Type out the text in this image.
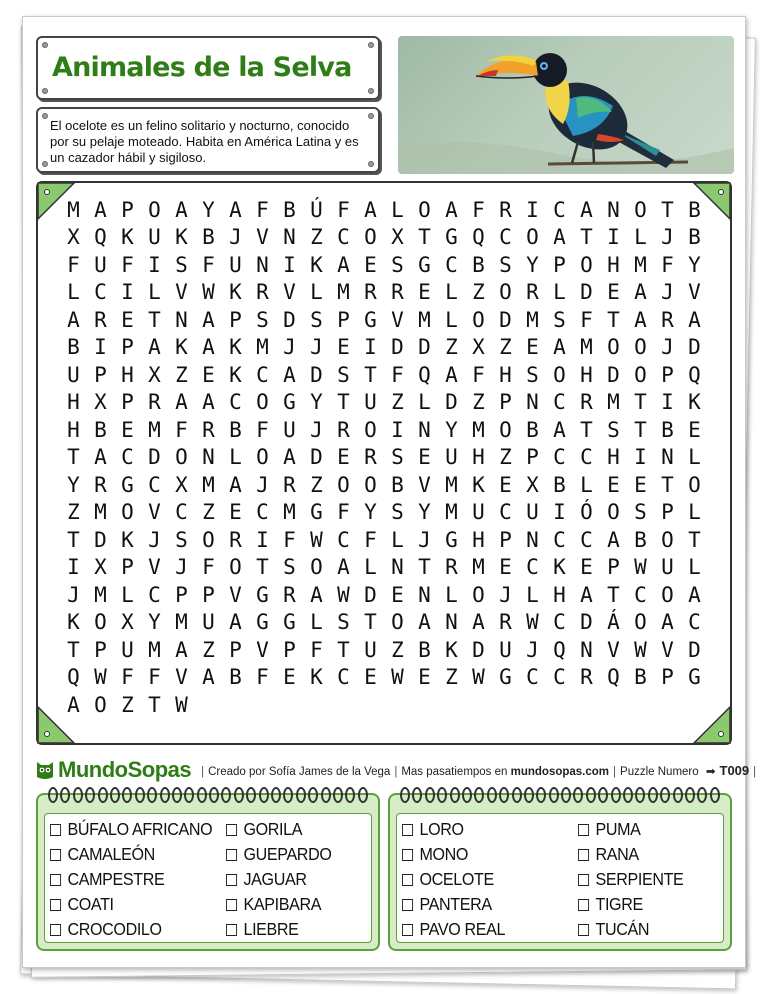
Animales de la Selva

El ocelote es un felino solitario y nocturno, conocido por su pelaje moteado. Habita en América Latina y es un cazador hábil y sigiloso.

M A P O A Y A F B Ú F A L O A F R I C A N O T B
X Q K U K B J V N Z C O X T G Q C O A T I L J B
F U F I S F U N I K A E S G C B S Y P O H M F Y
L C I L V W K R V L M R R E L Z O R L D E A J V
A R E T N A P S D S P G V M L O D M S F T A R A
B I P A K A K M J J E I D D Z X Z E A M O O J D
U P H X Z E K C A D S T F Q A F H S O H D O P Q
H X P R A A C O G Y T U Z L D Z P N C R M T I K
H B E M F R B F U J R O I N Y M O B A T S T B E
T A C D O N L O A D E R S E U H Z P C C H I N L
Y R G C X M A J R Z O O B V M K E X B L E E T O
Z M O V C Z E C M G F Y S Y M U C U I Ó O S P L
T D K J S O R I F W C F L J G H P N C C A B O T
I X P V J F O T S O A L N T R M E C K E P W U L
J M L C P P V G R A W D E N L O J L H A T C O A
K O X Y M U A G G L S T O A N A R W C D Á O A C
T P U M A Z P V P F T U Z B K D U J Q N V W V D
Q W F F V A B F E K C E W E Z W G C C R Q B P G
A O Z T W
MundoSopas | Creado por Sofía James de la Vega | Mas pasatiempos en mundosopas.com | Puzzle Numero ➡ T009 |
BÚFALO AFRICANO
CAMALEÓN
CAMPESTRE
COATI
CROCODILO
GORILA
GUEPARDO
JAGUAR
KAPIBARA
LIEBRE
LORO
MONO
OCELOTE
PANTERA
PAVO REAL
PUMA
RANA
SERPIENTE
TIGRE
TUCÁN
